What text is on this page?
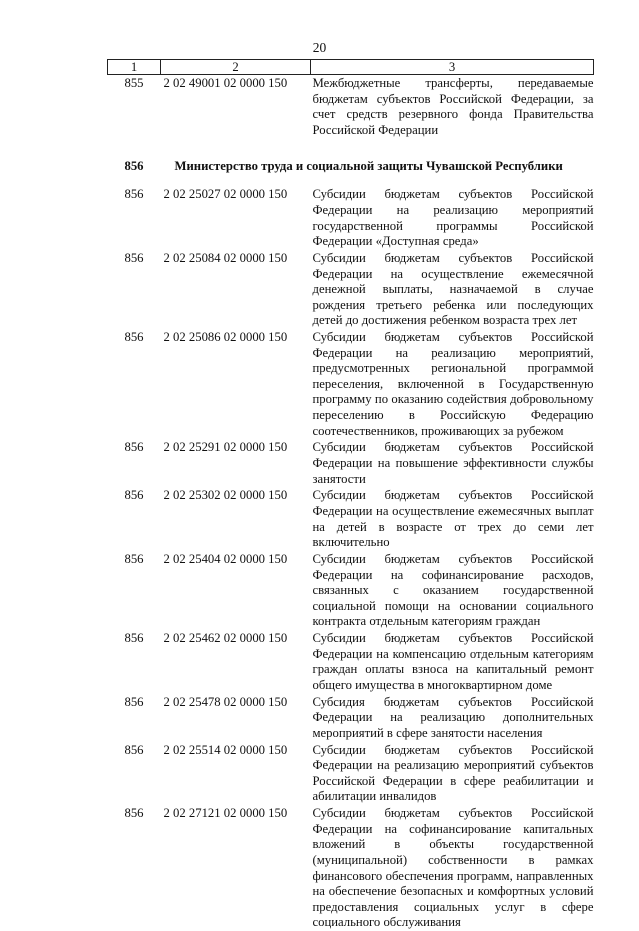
20
1	2	3
855	2 02 49001 02 0000 150	Межбюджетные трансферты, передаваемые бюджетам субъектов Российской Федерации, за счет средств резервного фонда Правительства Российской Федерации
856	Министерство труда и социальной защиты Чувашской Республики	
856	2 02 25027 02 0000 150	Субсидии бюджетам субъектов Российской Федерации на реализацию мероприятий государственной программы Российской Федерации «Доступная среда»
856	2 02 25084 02 0000 150	Субсидии бюджетам субъектов Российской Федерации на осуществление ежемесячной денежной выплаты, назначаемой в случае рождения третьего ребенка или последующих детей до достижения ребенком возраста трех лет
856	2 02 25086 02 0000 150	Субсидии бюджетам субъектов Российской Федерации на реализацию мероприятий, предусмотренных региональной программой переселения, включенной в Государственную программу по оказанию содействия добровольному переселению в Российскую Федерацию соотечественников, проживающих за рубежом
856	2 02 25291 02 0000 150	Субсидии бюджетам субъектов Российской Федерации на повышение эффективности службы занятости
856	2 02 25302 02 0000 150	Субсидии бюджетам субъектов Российской Федерации на осуществление ежемесячных выплат на детей в возрасте от трех до семи лет включительно
856	2 02 25404 02 0000 150	Субсидии бюджетам субъектов Российской Федерации на софинансирование расходов, связанных с оказанием государственной социальной помощи на основании социального контракта отдельным категориям граждан
856	2 02 25462 02 0000 150	Субсидии бюджетам субъектов Российской Федерации на компенсацию отдельным категориям граждан оплаты взноса на капитальный ремонт общего имущества в многоквартирном доме
856	2 02 25478 02 0000 150	Субсидия бюджетам субъектов Российской Федерации на реализацию дополнительных мероприятий в сфере занятости населения
856	2 02 25514 02 0000 150	Субсидии бюджетам субъектов Российской Федерации на реализацию мероприятий субъектов Российской Федерации в сфере реабилитации и абилитации инвалидов
856	2 02 27121 02 0000 150	Субсидии бюджетам субъектов Российской Федерации на софинансирование капитальных вложений в объекты государственной (муниципальной) собственности в рамках финансового обеспечения программ, направленных на обеспечение безопасных и комфортных условий предоставления социальных услуг в сфере социального обслуживания
